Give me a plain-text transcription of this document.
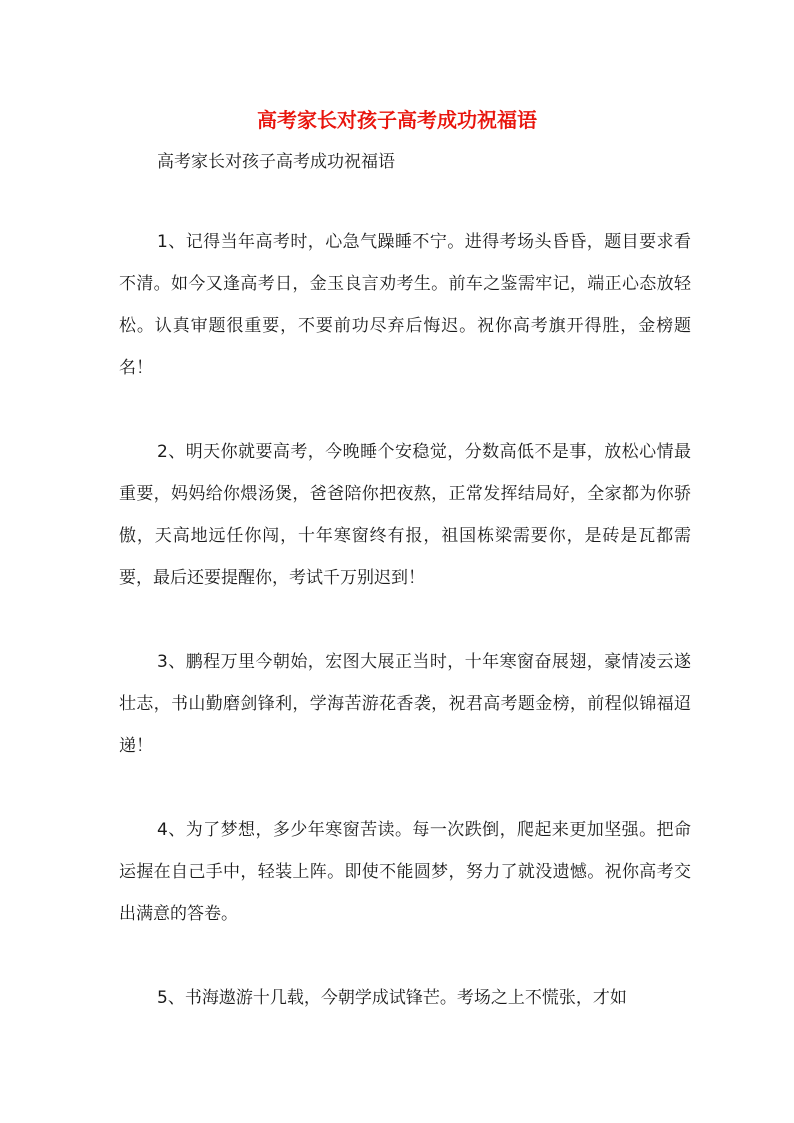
高考家长对孩子高考成功祝福语

高考家长对孩子高考成功祝福语

1、记得当年高考时，心急气躁睡不宁。进得考场头昏昏，题目要求看不清。如今又逢高考日，金玉良言劝考生。前车之鉴需牢记，端正心态放轻松。认真审题很重要，不要前功尽弃后悔迟。祝你高考旗开得胜，金榜题名！

2、明天你就要高考，今晚睡个安稳觉，分数高低不是事，放松心情最重要，妈妈给你煨汤煲，爸爸陪你把夜熬，正常发挥结局好，全家都为你骄傲，天高地远任你闯，十年寒窗终有报，祖国栋梁需要你，是砖是瓦都需要，最后还要提醒你，考试千万别迟到！

3、鹏程万里今朝始，宏图大展正当时，十年寒窗奋展翅，豪情凌云遂壮志，书山勤磨剑锋利，学海苦游花香袭，祝君高考题金榜，前程似锦福迢递！

4、为了梦想，多少年寒窗苦读。每一次跌倒，爬起来更加坚强。把命运握在自己手中，轻装上阵。即使不能圆梦，努力了就没遗憾。祝你高考交出满意的答卷。

5、书海遨游十几载，今朝学成试锋芒。考场之上不慌张，才如
